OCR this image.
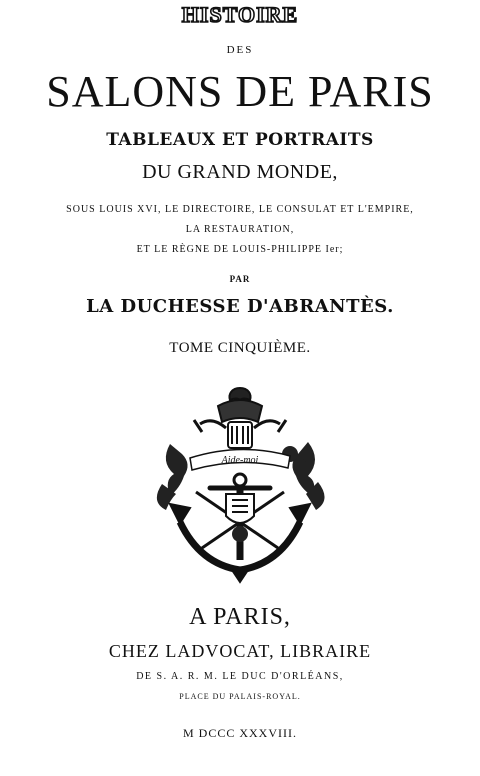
HISTOIRE
DES
SALONS DE PARIS
TABLEAUX ET PORTRAITS
DU GRAND MONDE,
SOUS LOUIS XVI, LE DIRECTOIRE, LE CONSULAT ET L'EMPIRE,
LA RESTAURATION,
ET LE RÈGNE DE LOUIS-PHILIPPE Ier;
PAR
LA DUCHESSE D'ABRANTÈS.
TOME CINQUIÈME.
Aide-moi
A PARIS,
CHEZ LADVOCAT, LIBRAIRE
DE S. A. R. M. LE DUC D'ORLÉANS,
PLACE DU PALAIS-ROYAL.
M DCCC XXXVIII.
